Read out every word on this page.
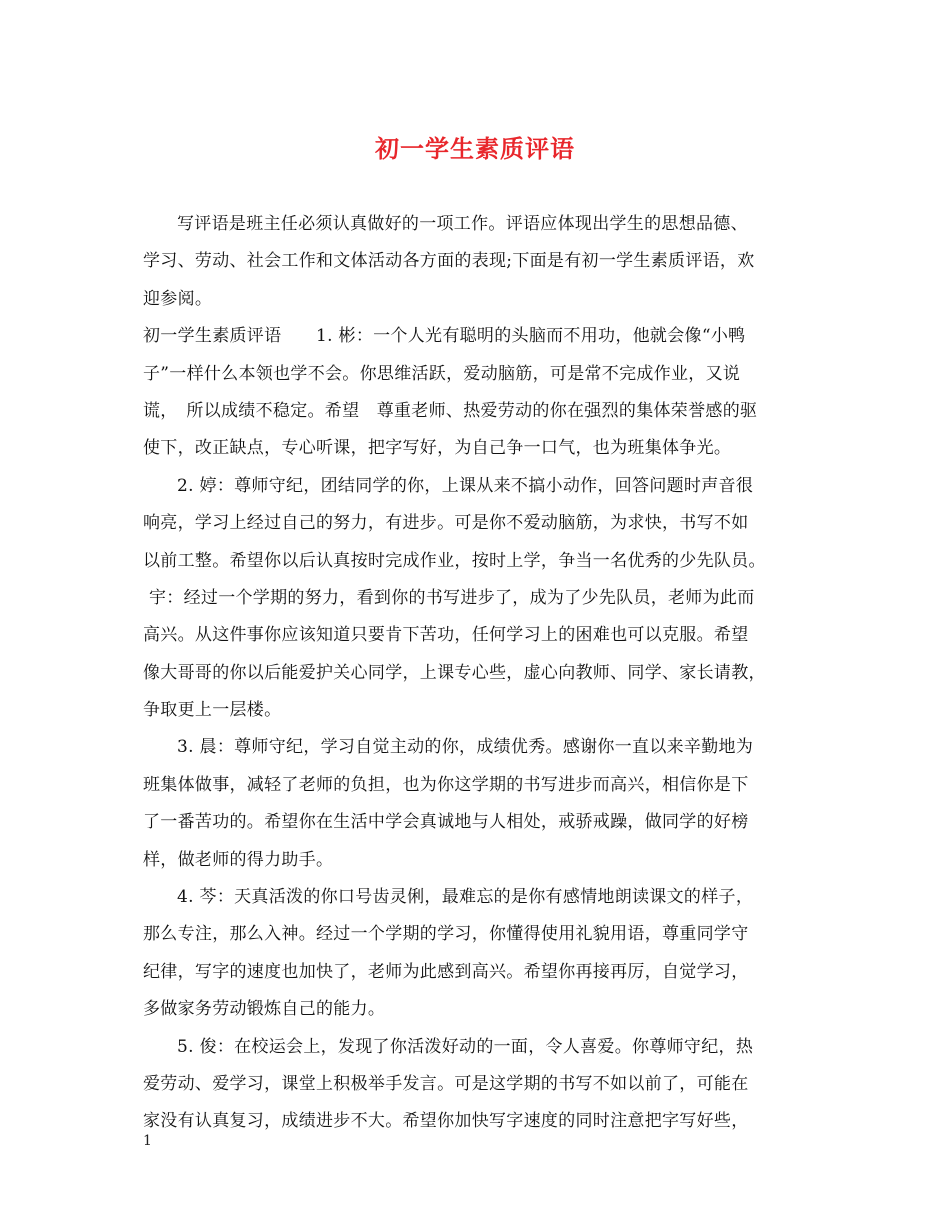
初一学生素质评语
写评语是班主任必须认真做好的一项工作。评语应体现出学生的思想品德、
学习、劳动、社会工作和文体活动各方面的表现;下面是有初一学生素质评语，欢
迎参阅。
初一学生素质评语　　1. 彬：一个人光有聪明的头脑而不用功，他就会像“小鸭
子”一样什么本领也学不会。你思维活跃，爱动脑筋，可是常不完成作业，又说
谎，　所以成绩不稳定。希望　尊重老师、热爱劳动的你在强烈的集体荣誉感的驱
使下，改正缺点，专心听课，把字写好，为自己争一口气，也为班集体争光。
2. 婷：尊师守纪，团结同学的你，上课从来不搞小动作，回答问题时声音很
响亮，学习上经过自己的努力，有进步。可是你不爱动脑筋，为求快，书写不如
以前工整。希望你以后认真按时完成作业，按时上学，争当一名优秀的少先队员。
宇：经过一个学期的努力，看到你的书写进步了，成为了少先队员，老师为此而
高兴。从这件事你应该知道只要肯下苦功，任何学习上的困难也可以克服。希望
像大哥哥的你以后能爱护关心同学，上课专心些，虚心向教师、同学、家长请教，
争取更上一层楼。
3. 晨：尊师守纪，学习自觉主动的你，成绩优秀。感谢你一直以来辛勤地为
班集体做事，减轻了老师的负担，也为你这学期的书写进步而高兴，相信你是下
了一番苦功的。希望你在生活中学会真诚地与人相处，戒骄戒躁，做同学的好榜
样，做老师的得力助手。
4. 芩：天真活泼的你口号齿灵俐，最难忘的是你有感情地朗读课文的样子，
那么专注，那么入神。经过一个学期的学习，你懂得使用礼貌用语，尊重同学守
纪律，写字的速度也加快了，老师为此感到高兴。希望你再接再厉，自觉学习，
多做家务劳动锻炼自己的能力。
5. 俊：在校运会上，发现了你活泼好动的一面，令人喜爱。你尊师守纪，热
爱劳动、爱学习，课堂上积极举手发言。可是这学期的书写不如以前了，可能在
家没有认真复习，成绩进步不大。希望你加快写字速度的同时注意把字写好些，
1
